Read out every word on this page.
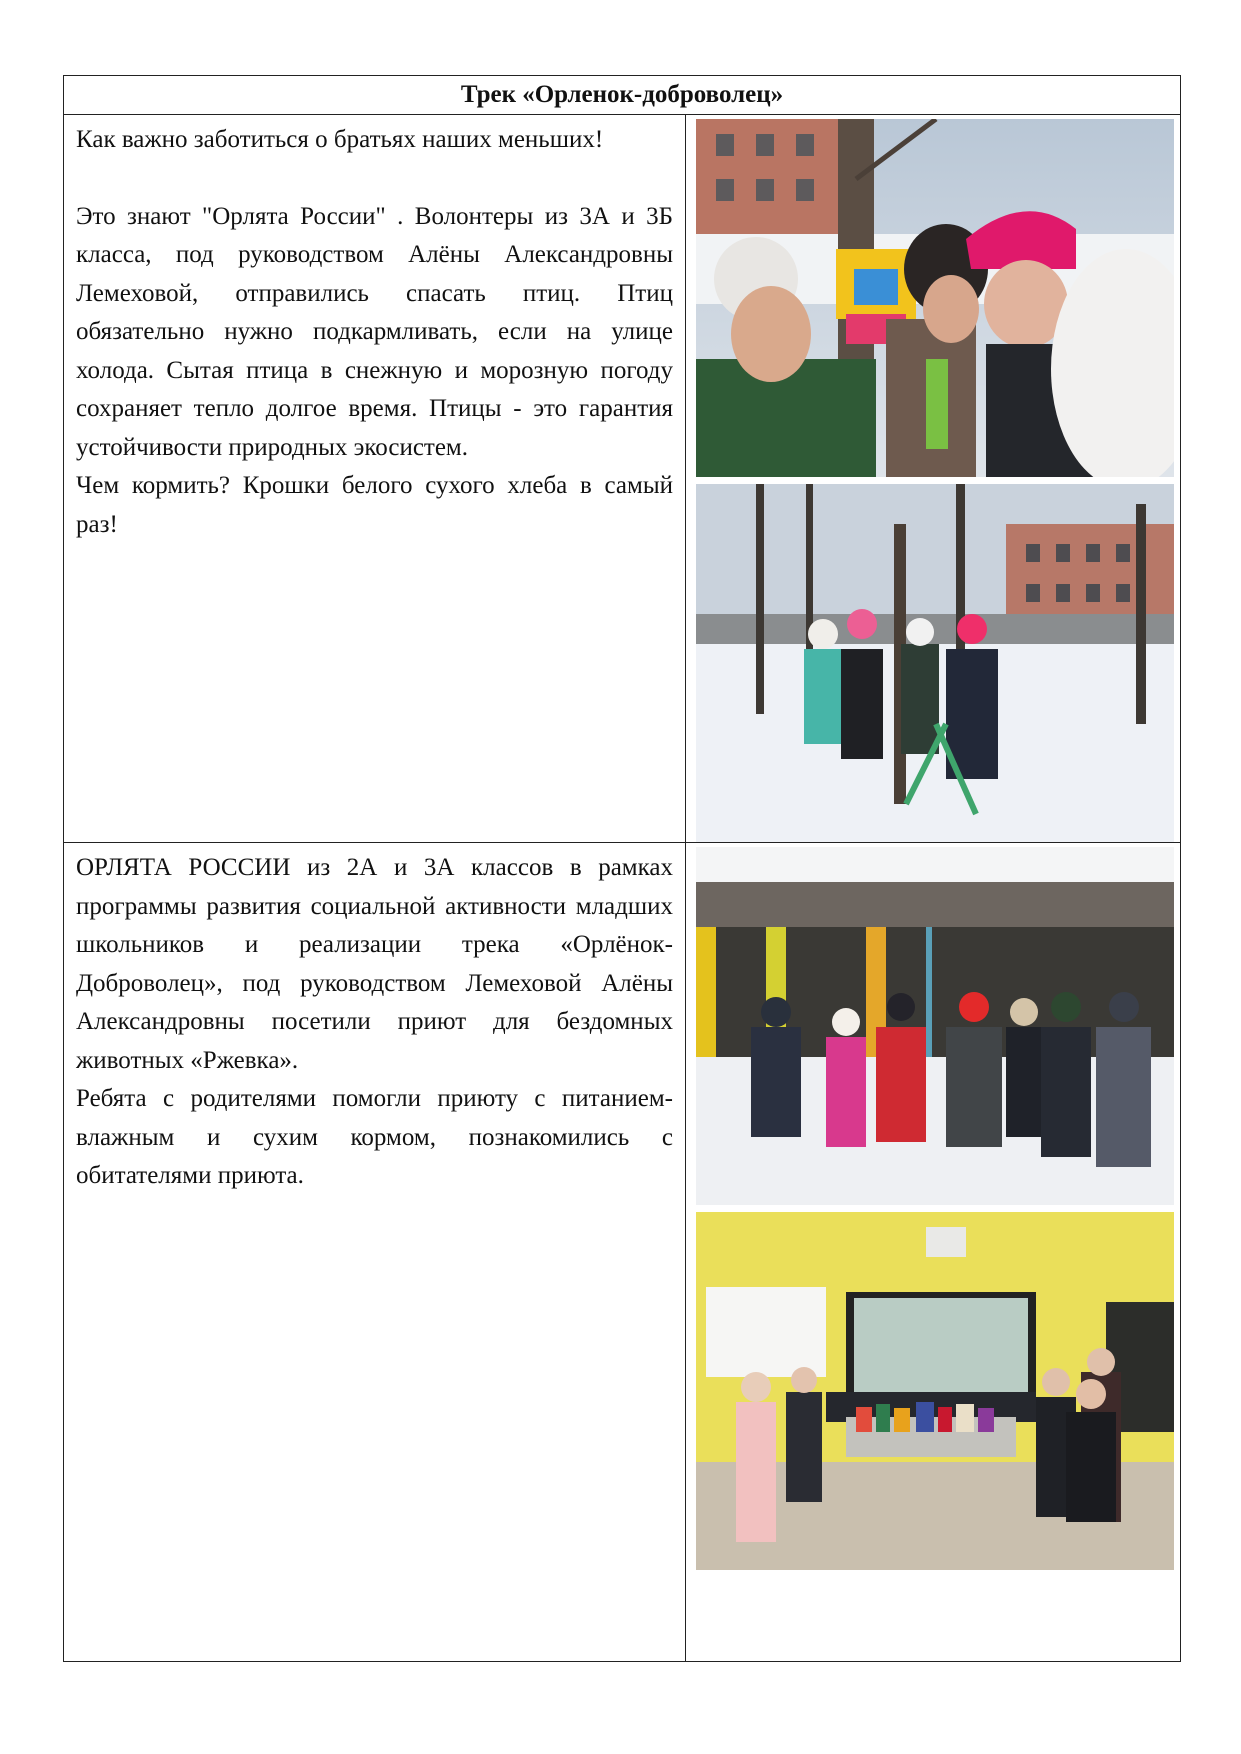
Трек «Орленок-доброволец»	

Как важно заботиться о братьях наших меньших!

Это знают "Орлята России" . Волонтеры из 3А и 3Б класса, под руководством Алёны Александровны Лемеховой, отправились спасать птиц. Птиц обязательно нужно подкармливать, если на улице холода. Сытая птица в снежную и морозную погоду сохраняет тепло долгое время. Птицы - это гарантия устойчивости природных экосистем.

Чем кормить? Крошки белого сухого хлеба в самый раз!

ОРЛЯТА РОССИИ из 2А и 3А классов в рамках программы развития социальной активности младших школьников и реализации трека «Орлёнок-Доброволец», под руководством Лемеховой Алёны Александровны посетили приют для бездомных животных «Ржевка».

Ребята с родителями помогли приюту с питанием- влажным и сухим кормом, познакомились с обитателями приюта.
